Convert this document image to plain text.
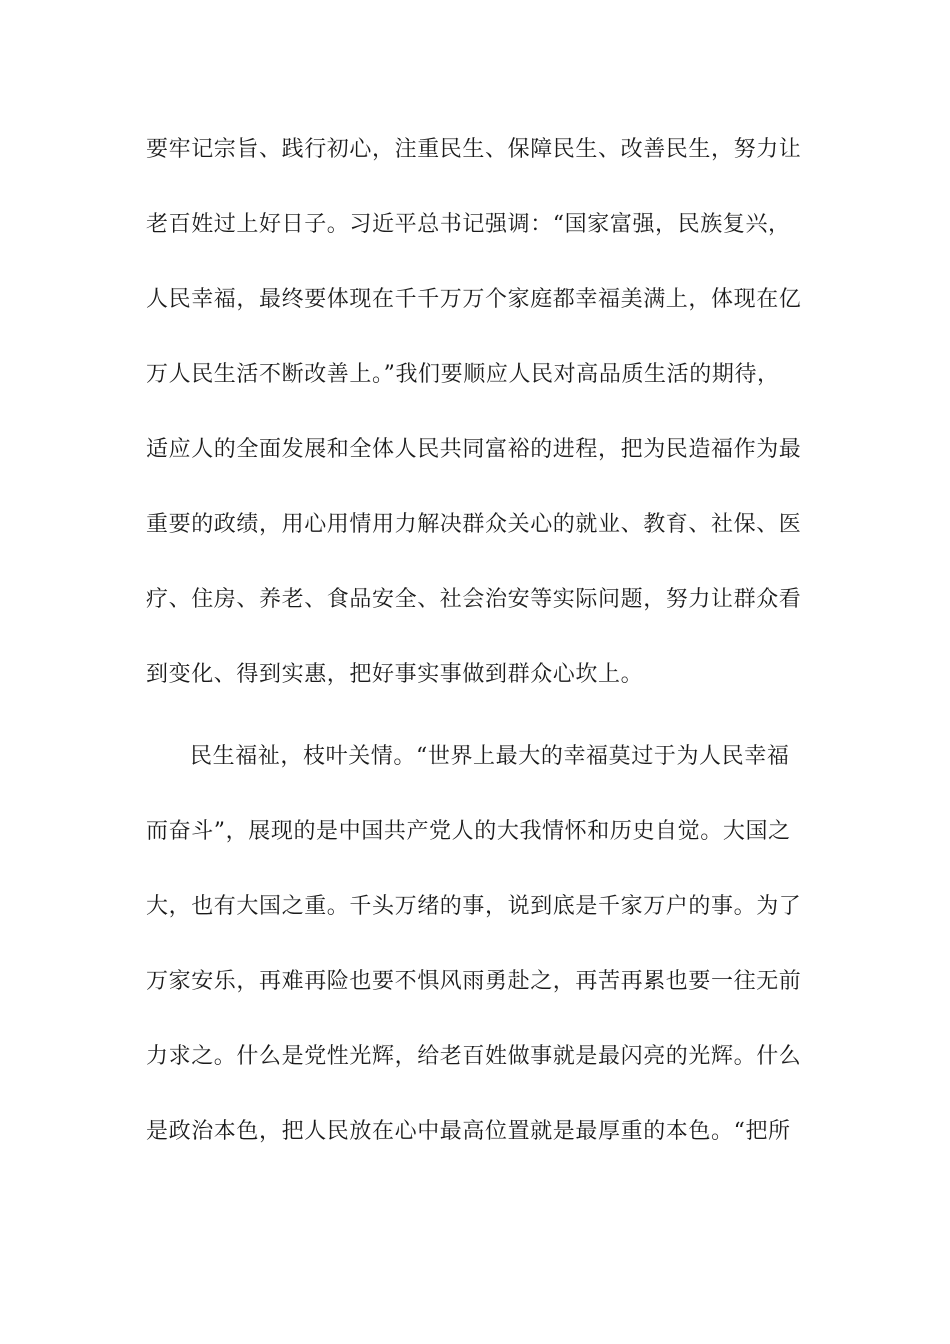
要牢记宗旨、践行初心，注重民生、保障民生、改善民生，努力让
老百姓过上好日子。习近平总书记强调：“国家富强，民族复兴，
人民幸福，最终要体现在千千万万个家庭都幸福美满上，体现在亿
万人民生活不断改善上。”我们要顺应人民对高品质生活的期待，
适应人的全面发展和全体人民共同富裕的进程，把为民造福作为最
重要的政绩，用心用情用力解决群众关心的就业、教育、社保、医
疗、住房、养老、食品安全、社会治安等实际问题，努力让群众看
到变化、得到实惠，把好事实事做到群众心坎上。
民生福祉，枝叶关情。“世界上最大的幸福莫过于为人民幸福
而奋斗”，展现的是中国共产党人的大我情怀和历史自觉。大国之
大，也有大国之重。千头万绪的事，说到底是千家万户的事。为了
万家安乐，再难再险也要不惧风雨勇赴之，再苦再累也要一往无前
力求之。什么是党性光辉，给老百姓做事就是最闪亮的光辉。什么
是政治本色，把人民放在心中最高位置就是最厚重的本色。“把所
